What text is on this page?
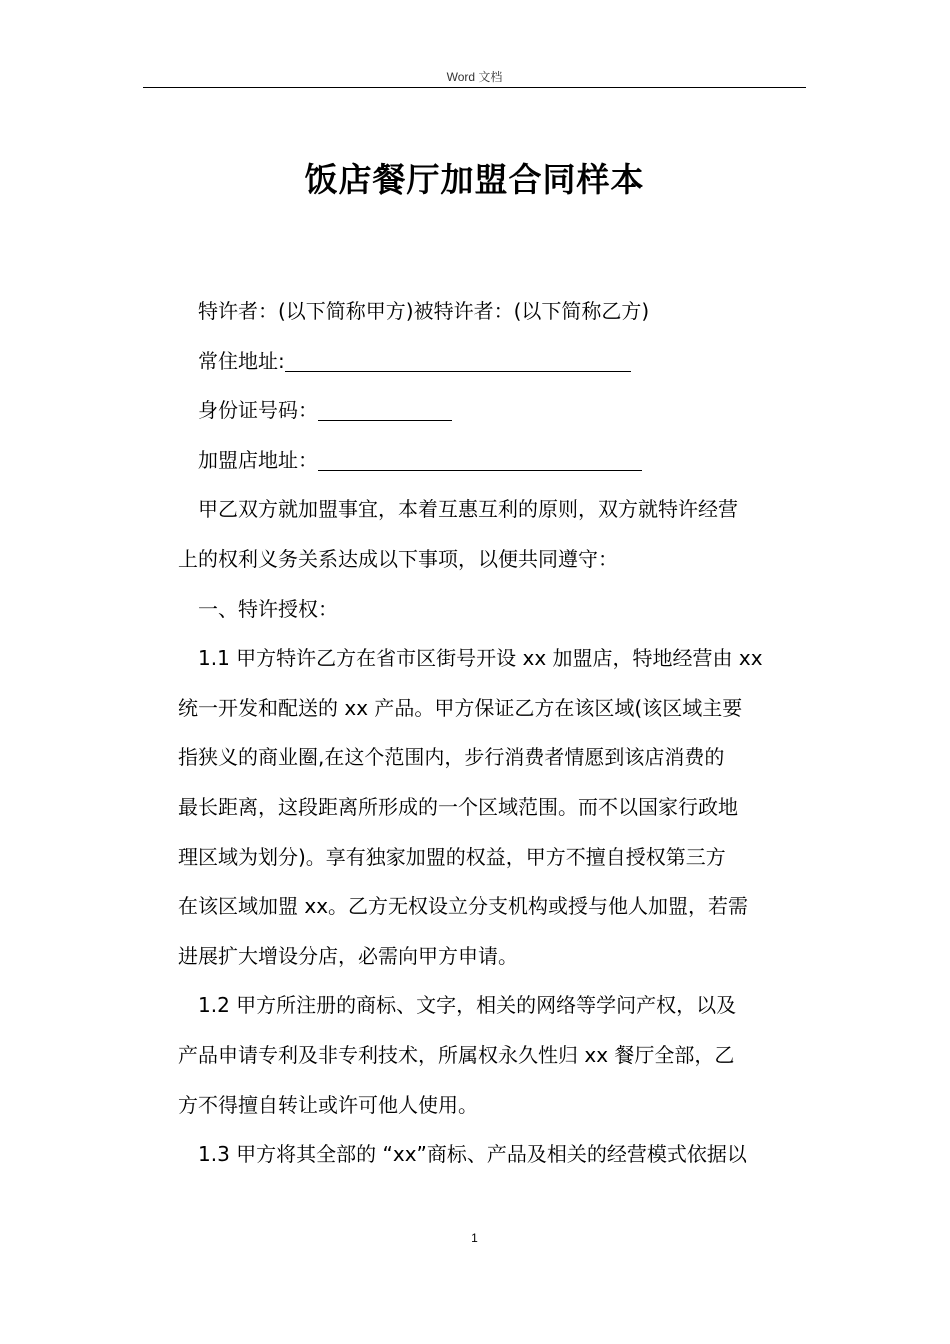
Word 文档
饭店餐厅加盟合同样本
特许者：(以下简称甲方)被特许者：(以下简称乙方)
常住地址:
身份证号码：
加盟店地址：
甲乙双方就加盟事宜，本着互惠互利的原则，双方就特许经营
上的权利义务关系达成以下事项，以便共同遵守：
一、特许授权：
1.1 甲方特许乙方在省市区街号开设 xx 加盟店，特地经营由 xx
统一开发和配送的 xx 产品。甲方保证乙方在该区域(该区域主要
指狭义的商业圈,在这个范围内，步行消费者情愿到该店消费的
最长距离，这段距离所形成的一个区域范围。而不以国家行政地
理区域为划分)。享有独家加盟的权益，甲方不擅自授权第三方
在该区域加盟 xx。乙方无权设立分支机构或授与他人加盟，若需
进展扩大增设分店，必需向甲方申请。
1.2 甲方所注册的商标、文字，相关的网络等学问产权，以及
产品申请专利及非专利技术，所属权永久性归 xx 餐厅全部，乙
方不得擅自转让或许可他人使用。
1.3 甲方将其全部的 “xx”商标、产品及相关的经营模式依据以
1
